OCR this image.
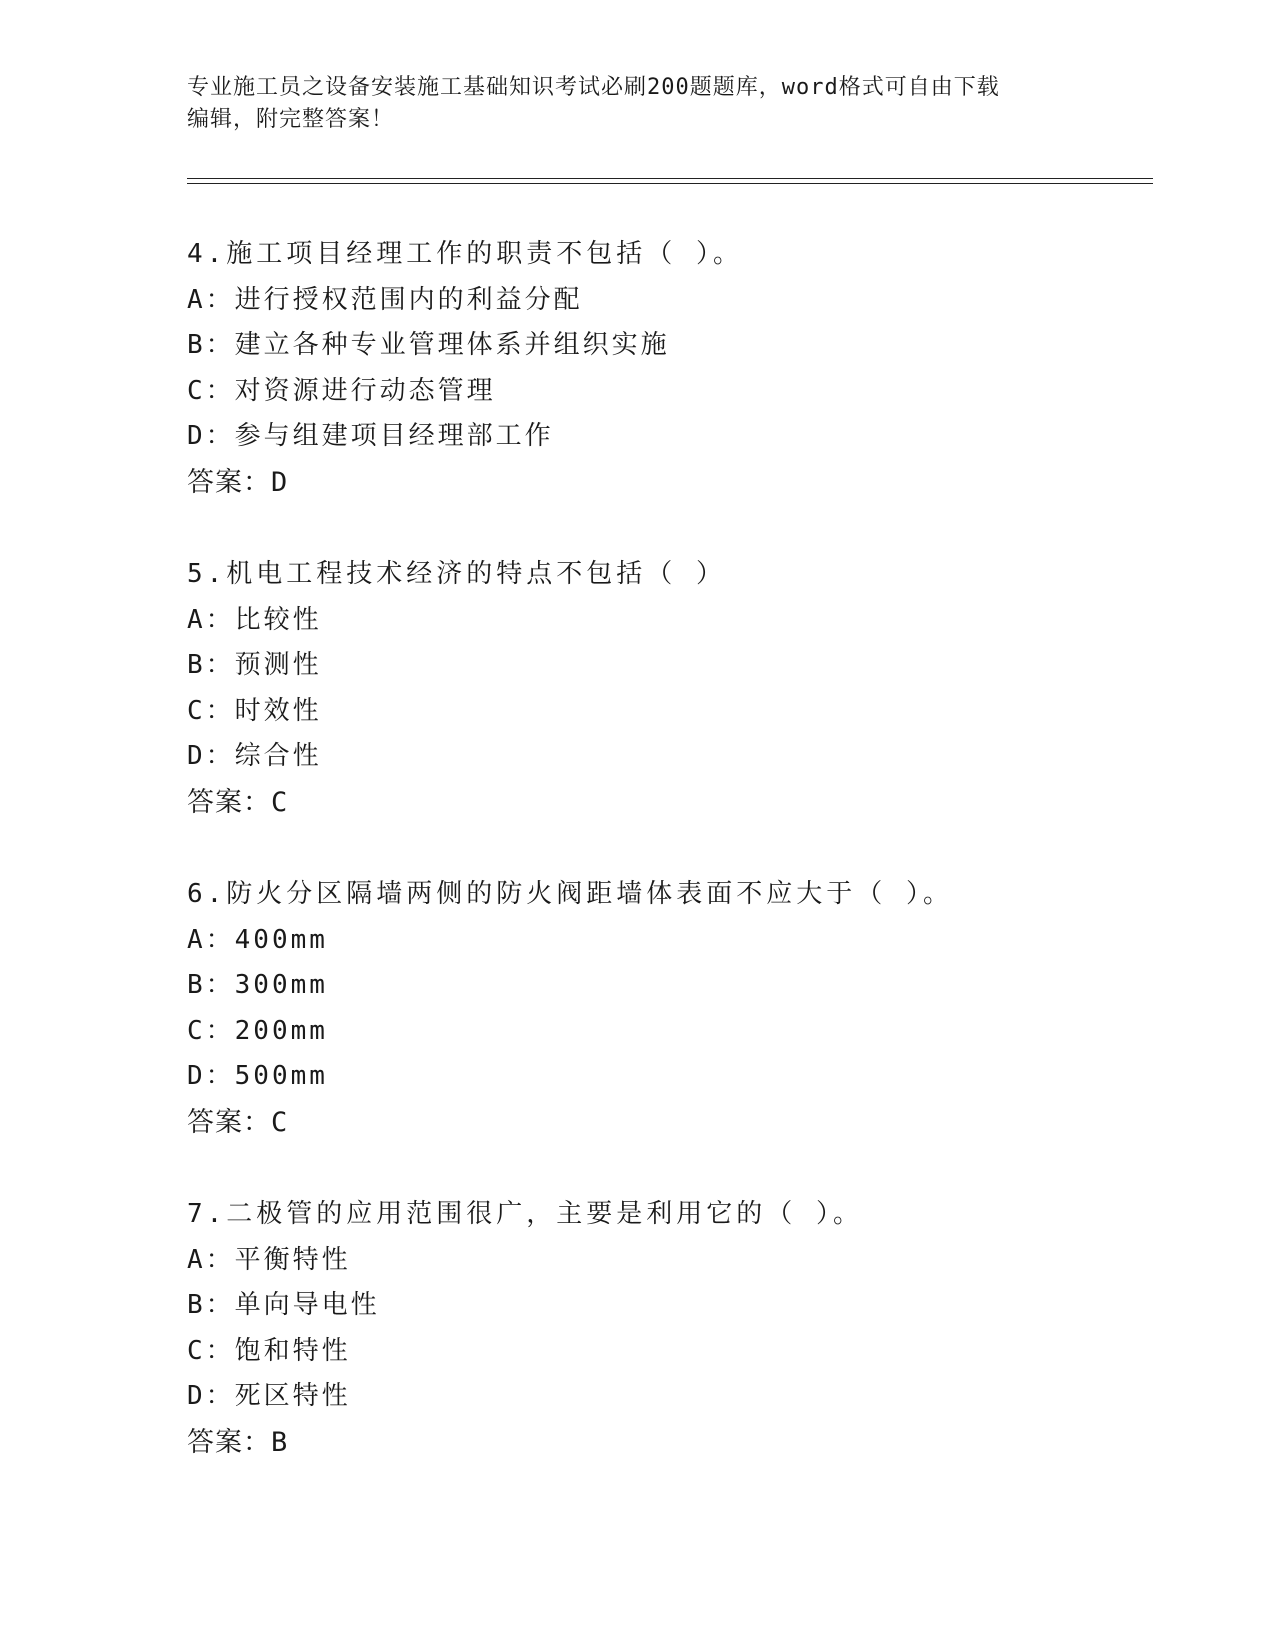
专业施工员之设备安装施工基础知识考试必刷200题题库，word格式可自由下载
编辑，附完整答案！
4.施工项目经理工作的职责不包括（ ）。
A：进行授权范围内的利益分配
B：建立各种专业管理体系并组织实施
C：对资源进行动态管理
D：参与组建项目经理部工作
答案：D
5.机电工程技术经济的特点不包括（ ）
A：比较性
B：预测性
C：时效性
D：综合性
答案：C
6.防火分区隔墙两侧的防火阀距墙体表面不应大于（ ）。
A：400mm
B：300mm
C：200mm
D：500mm
答案：C
7.二极管的应用范围很广，主要是利用它的（ ）。
A：平衡特性
B：单向导电性
C：饱和特性
D：死区特性
答案：B
